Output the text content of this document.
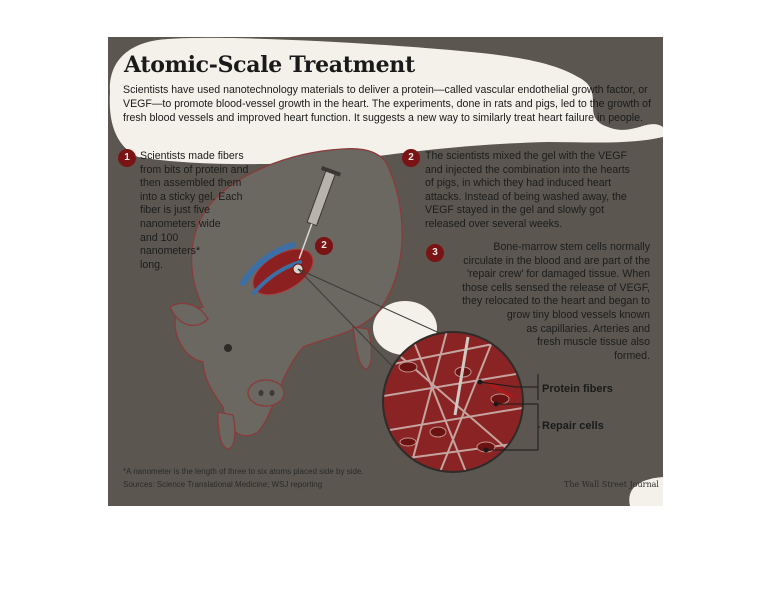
Atomic-Scale Treatment
Scientists have used nanotechnology materials to deliver a protein—called vascular endothelial growth factor, or VEGF—to promote blood-vessel growth in the heart. The experiments, done in rats and pigs, led to the growth of fresh blood vessels and improved heart function. It suggests a new way to similarly treat heart failure in people.
1 Scientists made fibers
from bits of protein and
then assembled them
into a sticky gel. Each
fiber is just five
nanometers wide
and 100
nanometers*
long.
2	The scientists mixed the gel with the VEGF
and injected the combination into the hearts
of pigs, in which they had induced heart
attacks. Instead of being washed away, the
VEGF stayed in the gel and slowly got
released over several weeks.
3	Bone-marrow stem cells normally
circulate in the blood and are part of the
'repair crew' for damaged tissue. When
those cells sensed the release of VEGF,
they relocated to the heart and began to
grow tiny blood vessels known
as capillaries. Arteries and
fresh muscle tissue also
formed.
2
Protein fibers
Repair cells
*A nanometer is the length of three to six atoms placed side by side.
Sources: Science Translational Medicine; WSJ reporting	The Wall Street Journal
